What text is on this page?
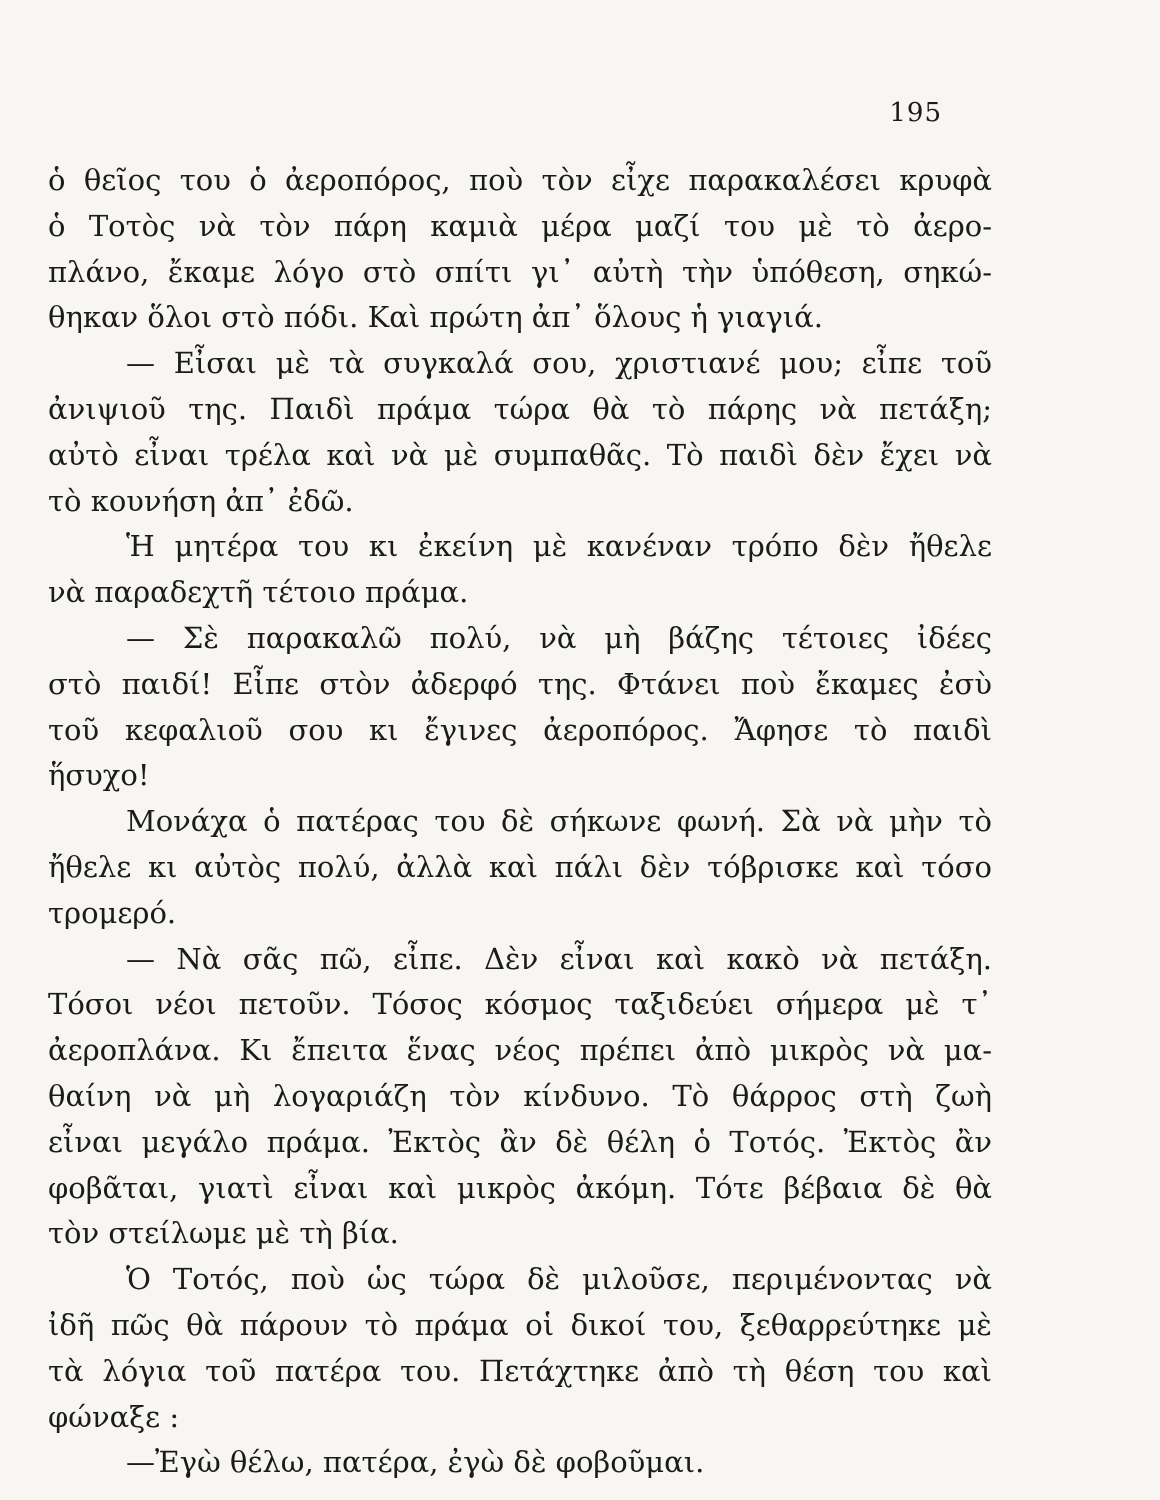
195
ὁ θεῖος του ὁ ἀεροπόρος, ποὺ τὸν εἶχε παρακαλέσει κρυφὰ
ὁ Τοτὸς νὰ τὸν πάρη καμιὰ μέρα μαζί του μὲ τὸ ἀερο-
πλάνο, ἔκαμε λόγο στὸ σπίτι γι᾽ αὐτὴ τὴν ὑπόθεση, σηκώ-
θηκαν ὅλοι στὸ πόδι. Καὶ πρώτη ἀπ᾽ ὅλους ἡ γιαγιά.
— Εἶσαι μὲ τὰ συγκαλά σου, χριστιανέ μου; εἶπε τοῦ
ἀνιψιοῦ της. Παιδὶ πράμα τώρα θὰ τὸ πάρης νὰ πετάξη;
αὐτὸ εἶναι τρέλα καὶ νὰ μὲ συμπαθᾶς. Τὸ παιδὶ δὲν ἔχει νὰ
τὸ κουνήση ἀπ᾽ ἐδῶ.
Ἡ μητέρα του κι ἐκείνη μὲ κανέναν τρόπο δὲν ἤθελε
νὰ παραδεχτῆ τέτοιο πράμα.
— Σὲ παρακαλῶ πολύ, νὰ μὴ βάζης τέτοιες ἰδέες
στὸ παιδί! Εἶπε στὸν ἀδερφό της. Φτάνει ποὺ ἔκαμες ἐσὺ
τοῦ κεφαλιοῦ σου κι ἔγινες ἀεροπόρος. Ἄφησε τὸ παιδὶ
ἥσυχο!
Μονάχα ὁ πατέρας του δὲ σήκωνε φωνή. Σὰ νὰ μὴν τὸ
ἤθελε κι αὐτὸς πολύ, ἀλλὰ καὶ πάλι δὲν τόβρισκε καὶ τόσο
τρομερό.
— Νὰ σᾶς πῶ, εἶπε. Δὲν εἶναι καὶ κακὸ νὰ πετάξη.
Τόσοι νέοι πετοῦν. Τόσος κόσμος ταξιδεύει σήμερα μὲ τ᾽
ἀεροπλάνα. Κι ἔπειτα ἕνας νέος πρέπει ἀπὸ μικρὸς νὰ μα-
θαίνη νὰ μὴ λογαριάζη τὸν κίνδυνο. Τὸ θάρρος στὴ ζωὴ
εἶναι μεγάλο πράμα. Ἐκτὸς ἂν δὲ θέλη ὁ Τοτός. Ἐκτὸς ἂν
φοβᾶται, γιατὶ εἶναι καὶ μικρὸς ἀκόμη. Τότε βέβαια δὲ θὰ
τὸν στείλωμε μὲ τὴ βία.
Ὁ Τοτός, ποὺ ὡς τώρα δὲ μιλοῦσε, περιμένοντας νὰ
ἰδῆ πῶς θὰ πάρουν τὸ πράμα οἱ δικοί του, ξεθαρρεύτηκε μὲ
τὰ λόγια τοῦ πατέρα του. Πετάχτηκε ἀπὸ τὴ θέση του καὶ
φώναξε :
—Ἐγὼ θέλω, πατέρα, ἐγὼ δὲ φοβοῦμαι.
